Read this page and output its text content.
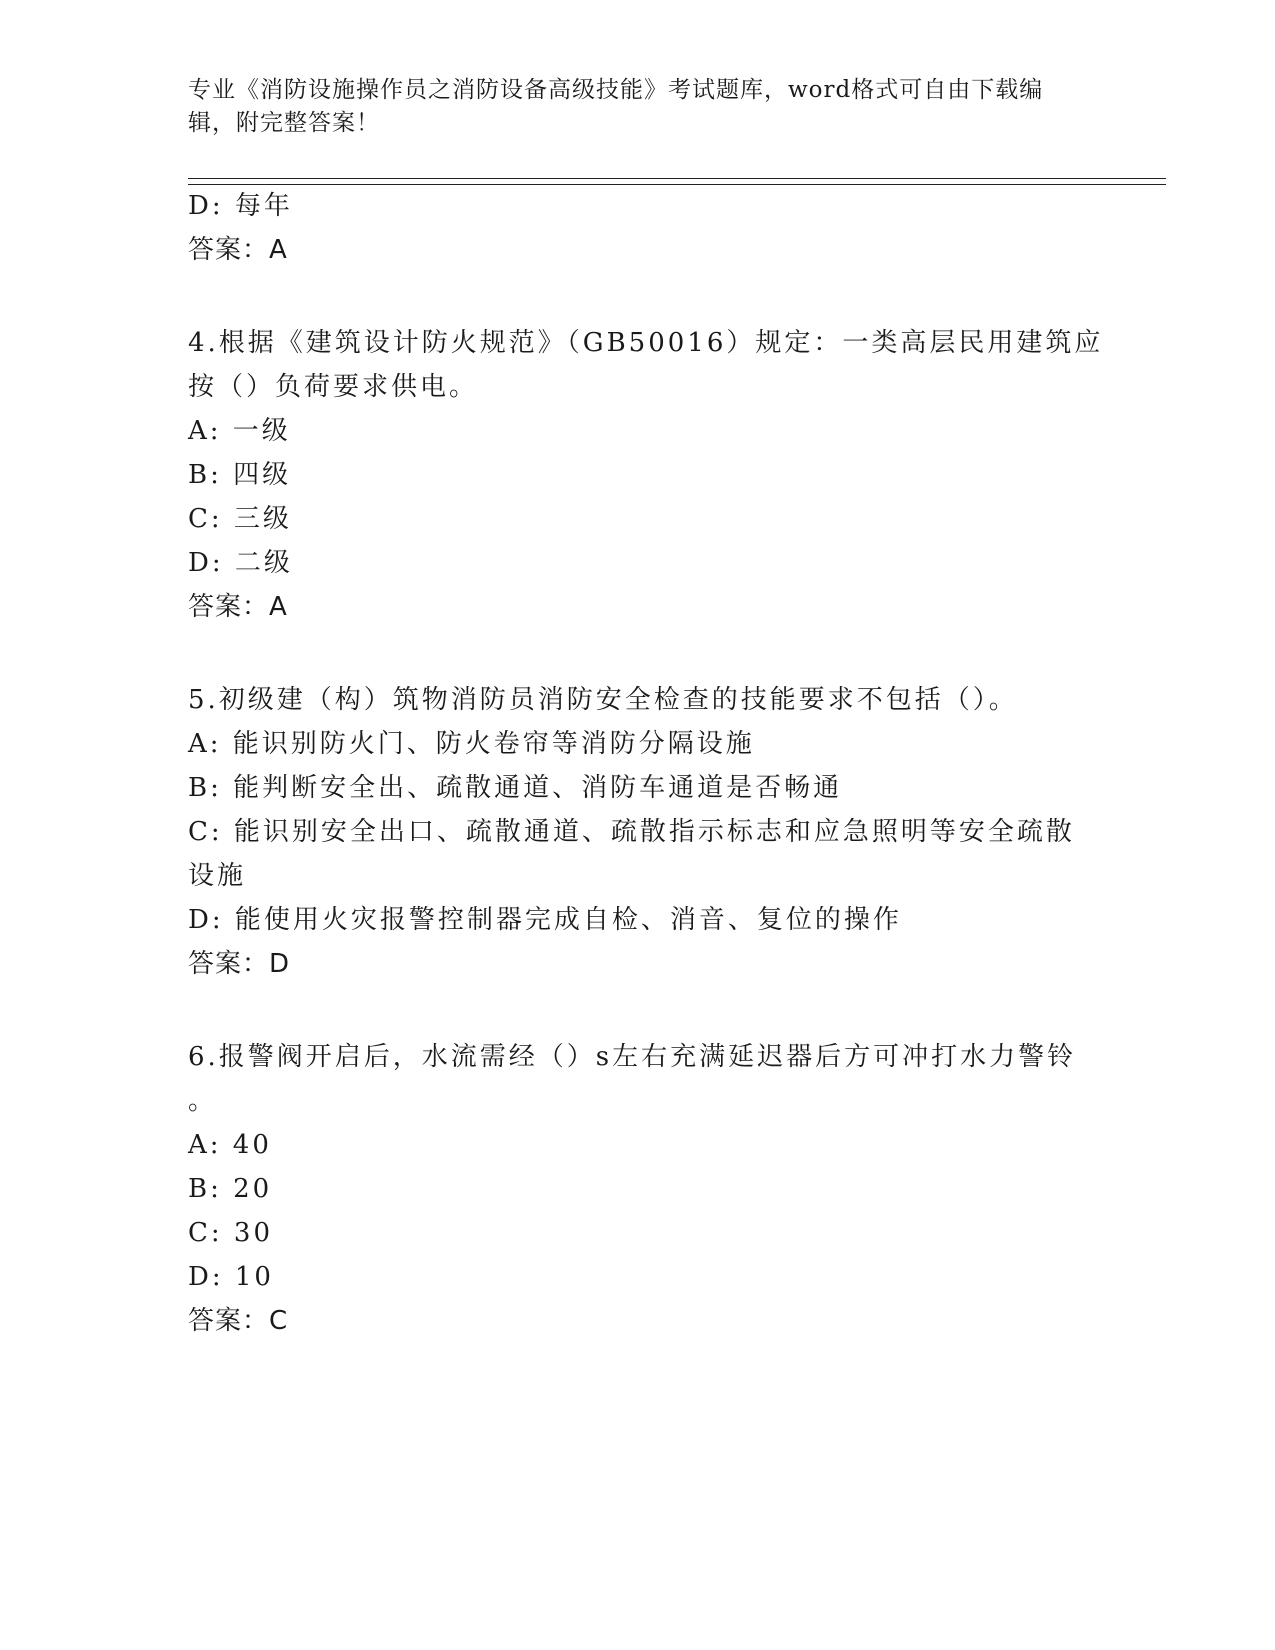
专业《消防设施操作员之消防设备高级技能》考试题库，word格式可自由下载编
辑，附完整答案！
D: 每年
答案：A
4.根据《建筑设计防火规范》（GB50016）规定：一类高层民用建筑应
按（）负荷要求供电。
A: 一级
B: 四级
C: 三级
D: 二级
答案：A
5.初级建（构）筑物消防员消防安全检查的技能要求不包括（）。
A: 能识别防火门、防火卷帘等消防分隔设施
B: 能判断安全出、疏散通道、消防车通道是否畅通
C: 能识别安全出口、疏散通道、疏散指示标志和应急照明等安全疏散
设施
D: 能使用火灾报警控制器完成自检、消音、复位的操作
答案：D
6.报警阀开启后，水流需经（）s左右充满延迟器后方可冲打水力警铃
。
A: 40
B: 20
C: 30
D: 10
答案：C
